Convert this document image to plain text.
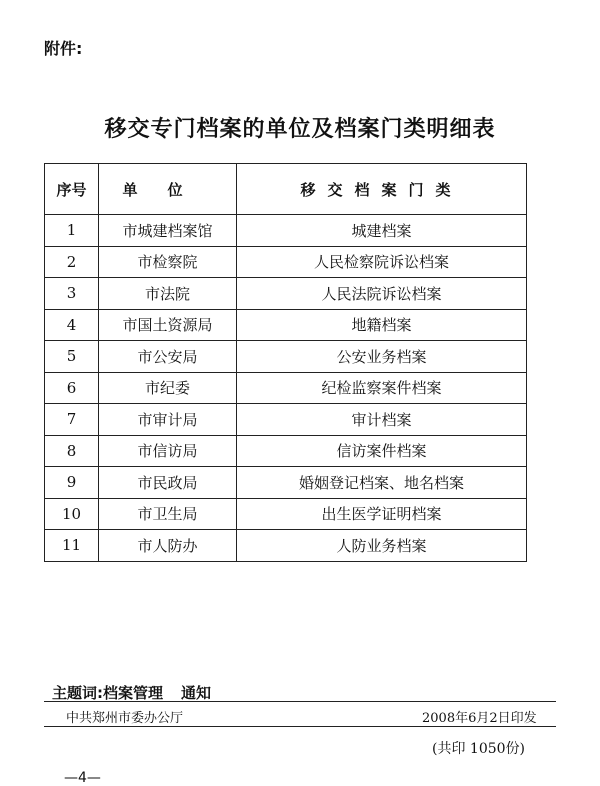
附件:
移交专门档案的单位及档案门类明细表
序号	单位	移交档案门类
1	市城建档案馆	城建档案
2	市检察院	人民检察院诉讼档案
3	市法院	人民法院诉讼档案
4	市国土资源局	地籍档案
5	市公安局	公安业务档案
6	市纪委	纪检监察案件档案
7	市审计局	审计档案
8	市信访局	信访案件档案
9	市民政局	婚姻登记档案、地名档案
10	市卫生局	出生医学证明档案
11	市人防办	人防业务档案
主题词:档案管理 通知
中共郑州市委办公厅	2008年6月2日印发
(共印 1050份)
—4—
